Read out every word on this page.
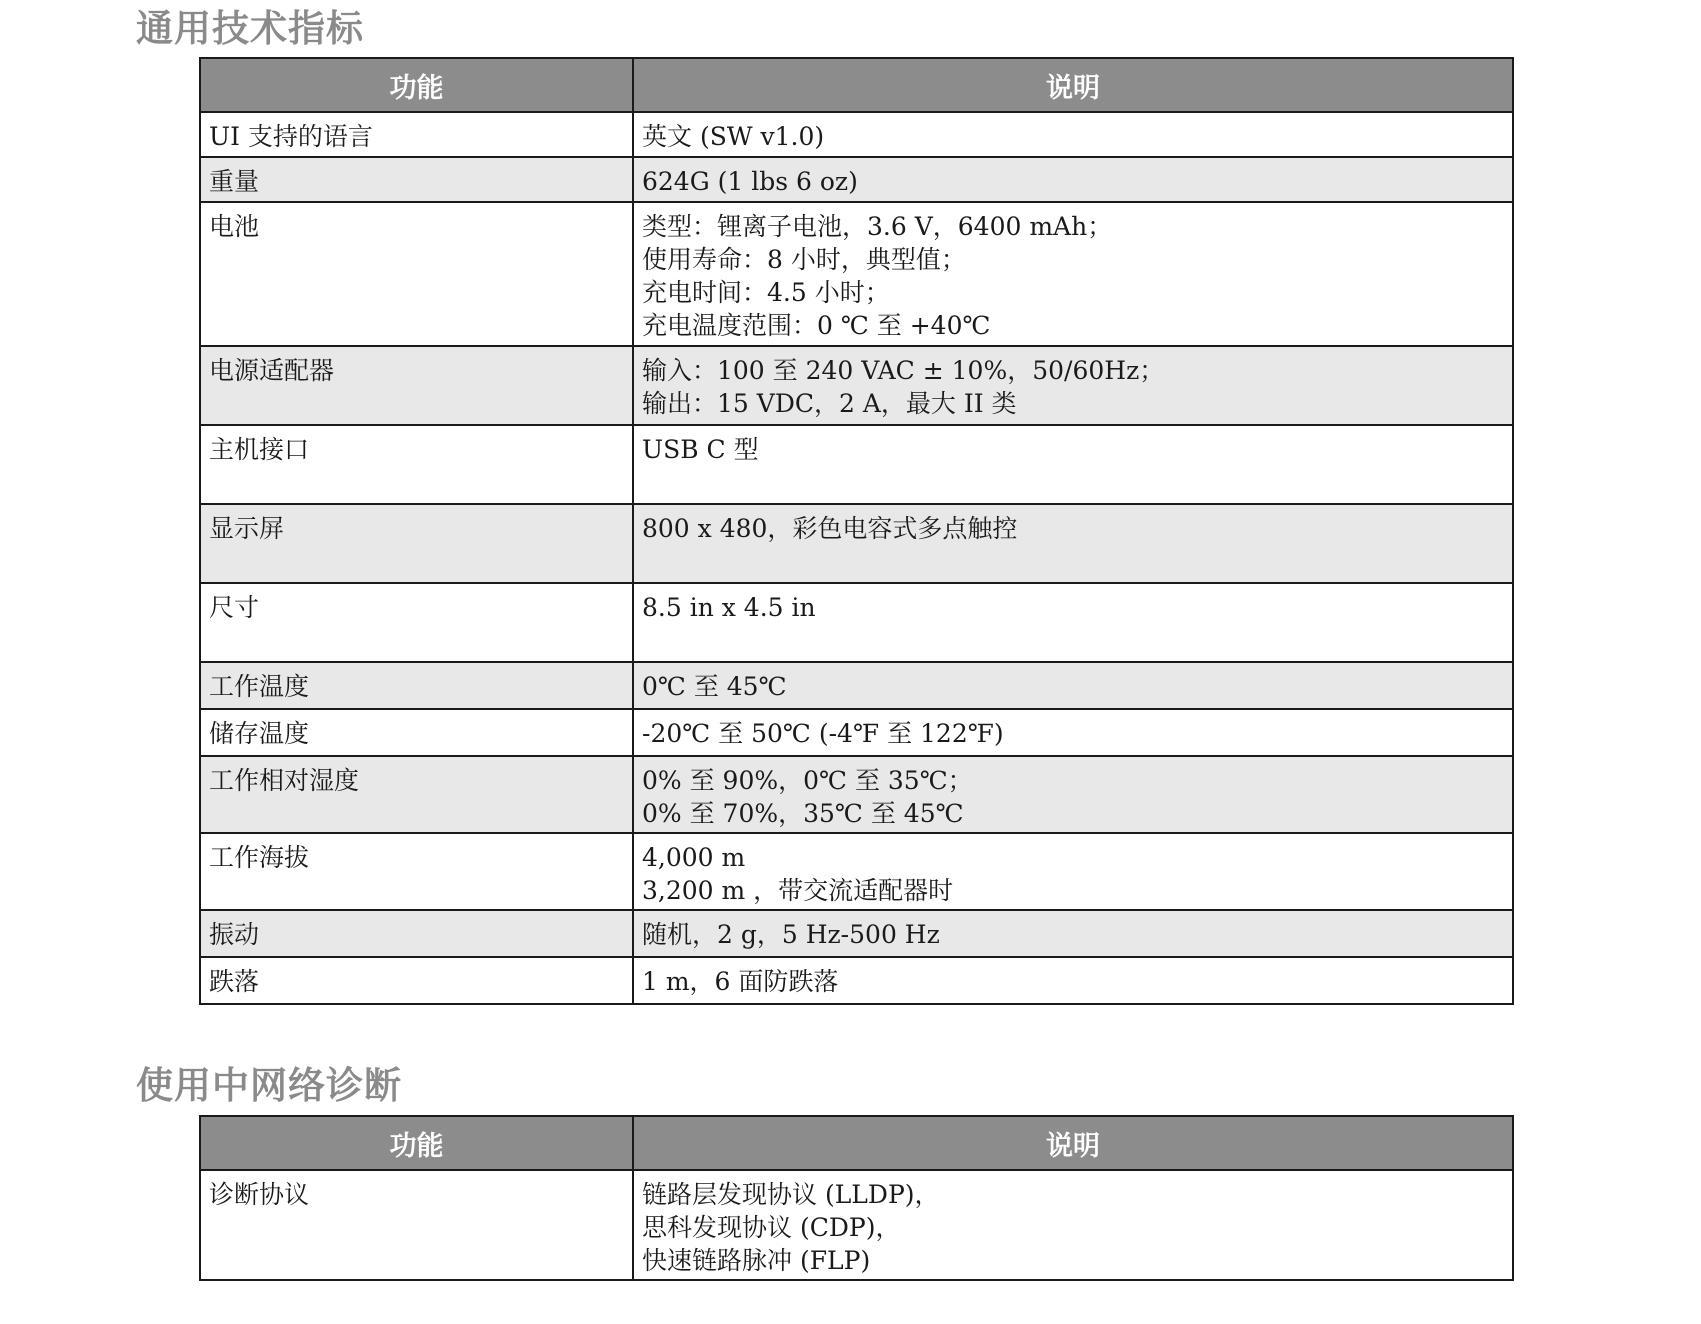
通用技术指标
功能	说明
UI 支持的语言	英文 (SW v1.0)

重量	624G (1 lbs 6 oz)

电池	类型：锂离子电池，3.6 V，6400 mAh；
使用寿命：8 小时，典型值；
充电时间：4.5 小时；
充电温度范围：0 ℃ 至 +40℃

电源适配器	输入：100 至 240 VAC ± 10%，50/60Hz；
输出：15 VDC，2 A，最大 II 类

主机接口	USB C 型

显示屏	800 x 480，彩色电容式多点触控

尺寸	8.5 in x 4.5 in

工作温度	0℃ 至 45℃

储存温度	-20℃ 至 50℃ (-4℉ 至 122℉)

工作相对湿度	0% 至 90%，0℃ 至 35℃；
0% 至 70%，35℃ 至 45℃

工作海拔	4,000 m
3,200 m ，带交流适配器时

振动	随机，2 g，5 Hz-500 Hz

跌落	1 m，6 面防跌落
使用中网络诊断
功能	说明
诊断协议	链路层发现协议 (LLDP)，
思科发现协议 (CDP)，
快速链路脉冲 (FLP)
